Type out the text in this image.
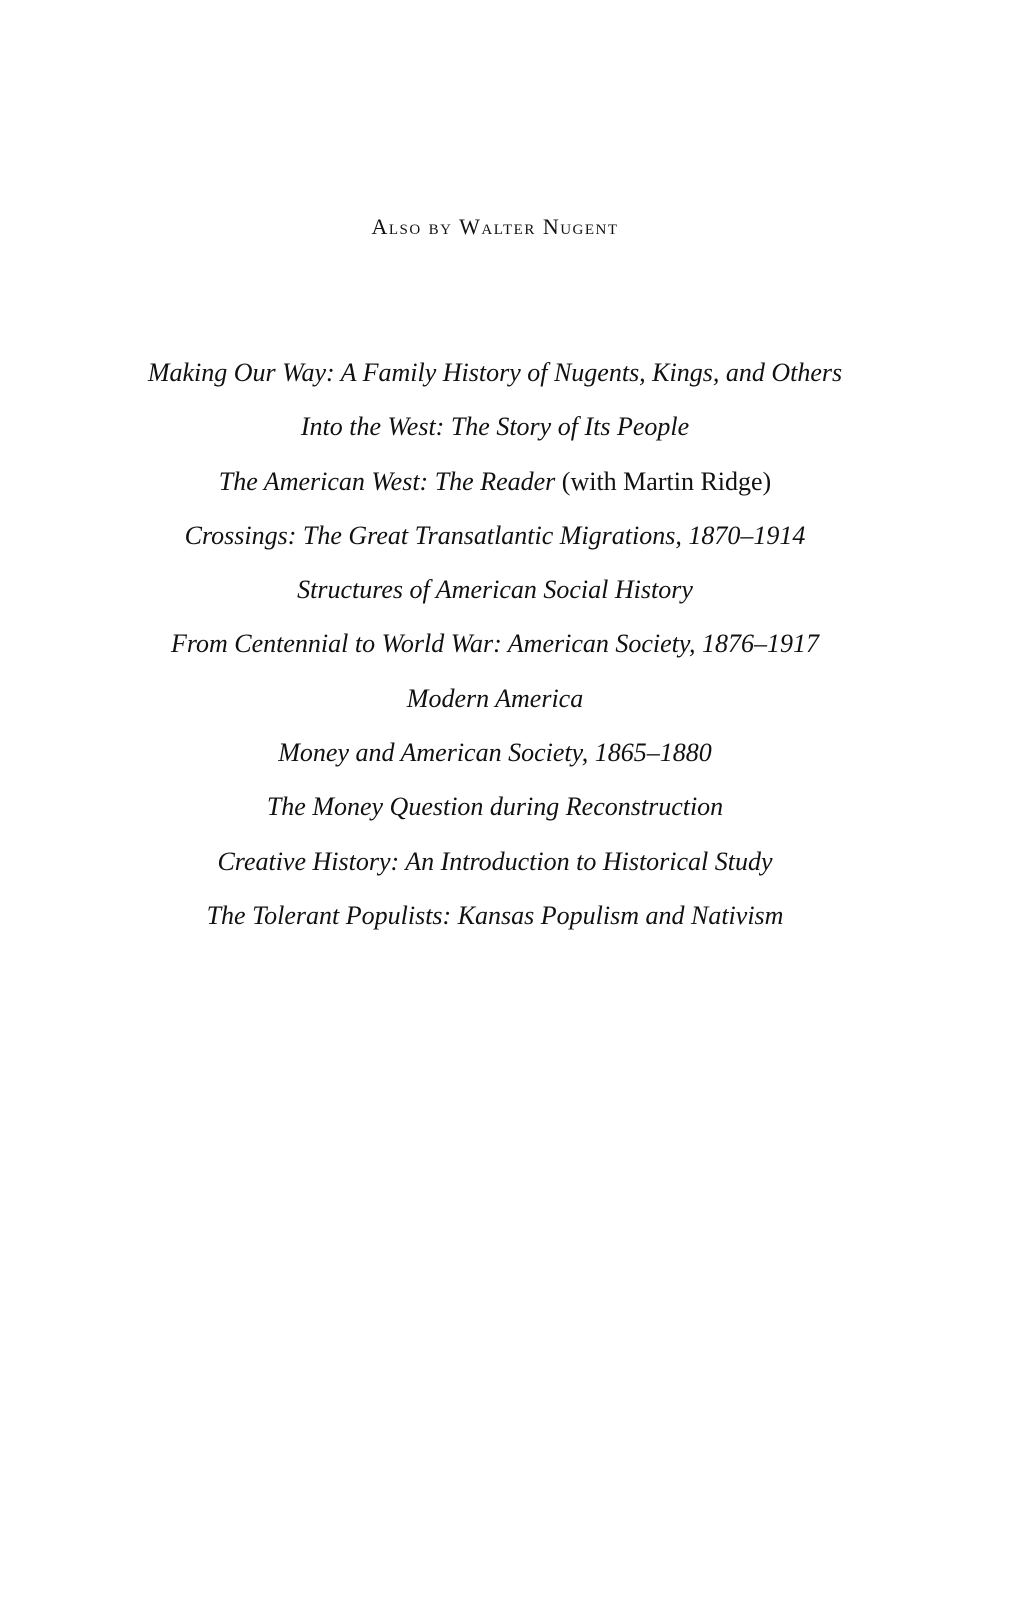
Also by Walter Nugent
Making Our Way: A Family History of Nugents, Kings, and Others
Into the West: The Story of Its People
The American West: The Reader (with Martin Ridge)
Crossings: The Great Transatlantic Migrations, 1870–1914
Structures of American Social History
From Centennial to World War: American Society, 1876–1917
Modern America
Money and American Society, 1865–1880
The Money Question during Reconstruction
Creative History: An Introduction to Historical Study
The Tolerant Populists: Kansas Populism and Nativism
